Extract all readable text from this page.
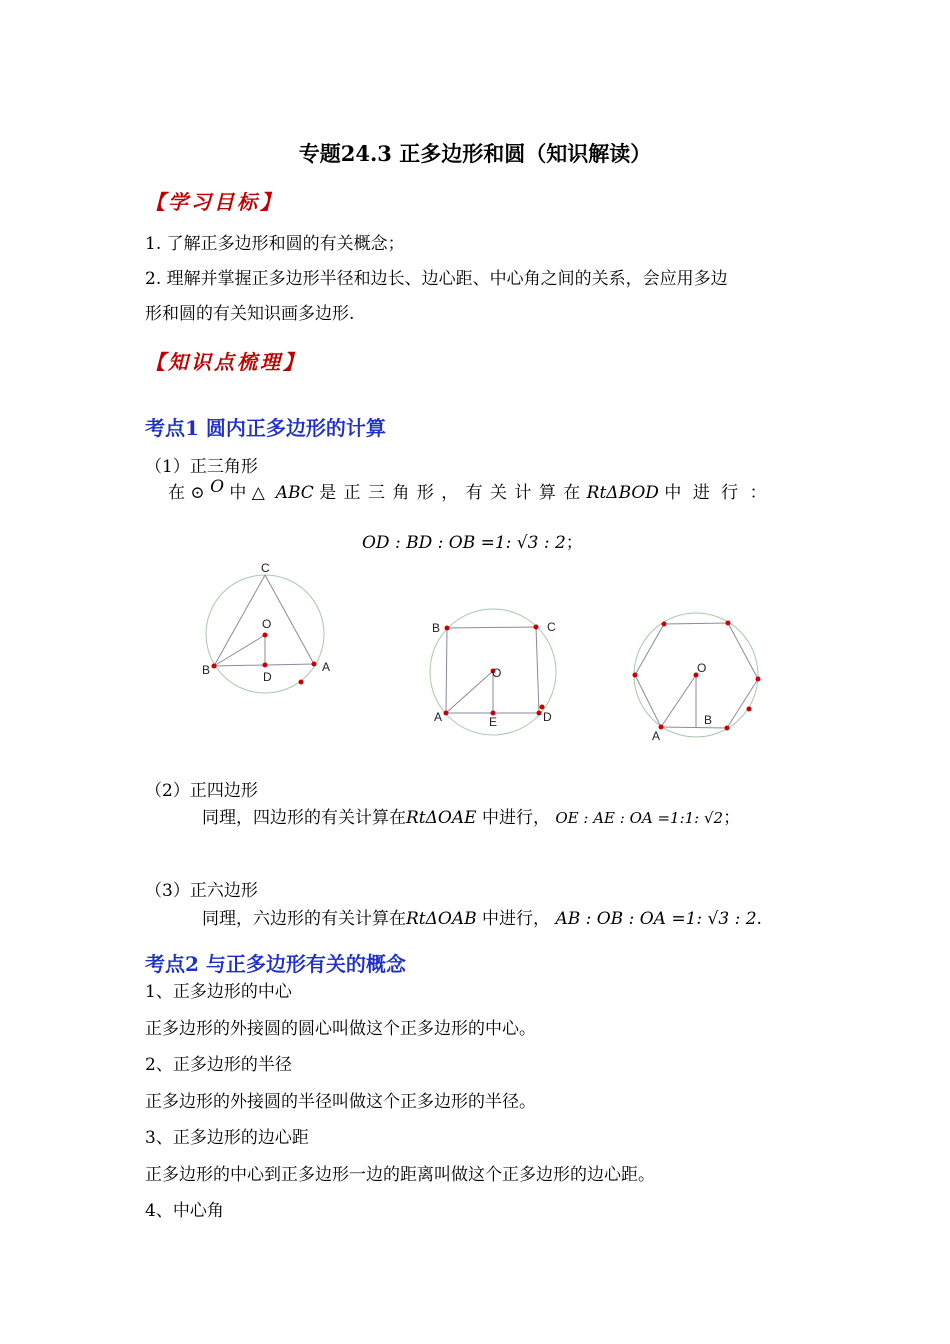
专题24.3 正多边形和圆（知识解读）
【学习目标】
1. 了解正多边形和圆的有关概念；
2. 理解并掌握正多边形半径和边长、边心距、中心角之间的关系，会应用多边
形和圆的有关知识画多边形.
【知识点梳理】
考点1 圆内正多边形的计算
（1）正三角形
在 ⊙ O 中 △  ABC 是 正 三 角 形 ， 有 关 计 算 在 RtΔBOD 中 进 行 ：
OD : BD : OB =1: √3 : 2；
C
O
B	D
A
B	C
O
A	E	D
O
A
B
（2）正四边形
同理，四边形的有关计算在RtΔOAE 中进行， OE : AE : OA =1:1: √2；
（3）正六边形
同理，六边形的有关计算在RtΔOAB 中进行， AB : OB : OA =1: √3 : 2.
考点2 与正多边形有关的概念
1、正多边形的中心
正多边形的外接圆的圆心叫做这个正多边形的中心。
2、正多边形的半径
正多边形的外接圆的半径叫做这个正多边形的半径。
3、正多边形的边心距
正多边形的中心到正多边形一边的距离叫做这个正多边形的边心距。
4、中心角
